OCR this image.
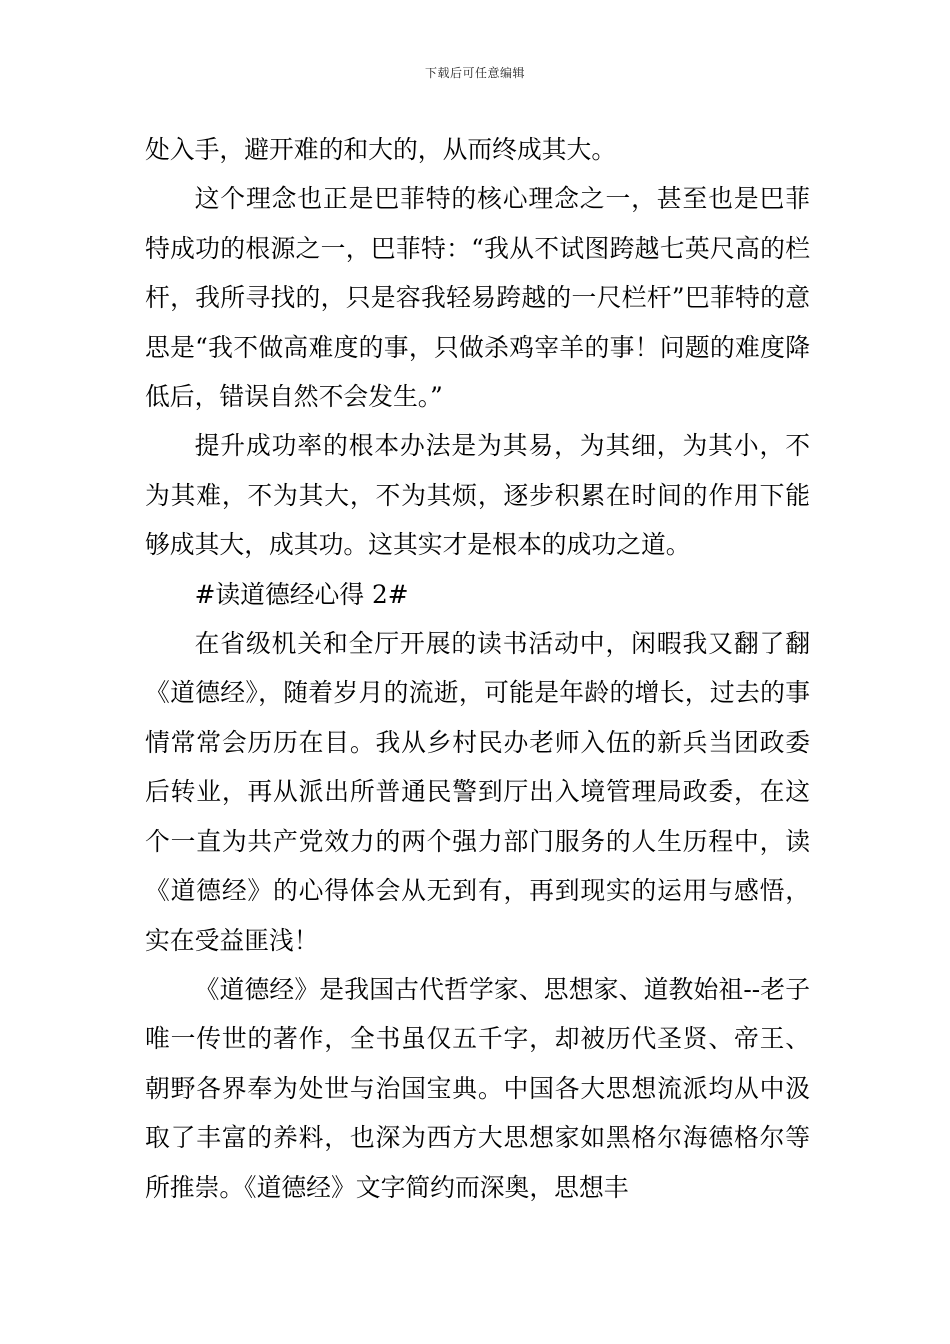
下载后可任意编辑

处入手，避开难的和大的，从而终成其大。

这个理念也正是巴菲特的核心理念之一，甚至也是巴菲特成功的根源之一，巴菲特：“我从不试图跨越七英尺高的栏杆，我所寻找的，只是容我轻易跨越的一尺栏杆”巴菲特的意思是“我不做高难度的事，只做杀鸡宰羊的事！问题的难度降低后，错误自然不会发生。”

提升成功率的根本办法是为其易，为其细，为其小，不为其难，不为其大，不为其烦，逐步积累在时间的作用下能够成其大，成其功。这其实才是根本的成功之道。

#读道德经心得 2#

在省级机关和全厅开展的读书活动中，闲暇我又翻了翻《道德经》，随着岁月的流逝，可能是年龄的增长，过去的事情常常会历历在目。我从乡村民办老师入伍的新兵当团政委后转业，再从派出所普通民警到厅出入境管理局政委，在这个一直为共产党效力的两个强力部门服务的人生历程中，读《道德经》的心得体会从无到有，再到现实的运用与感悟，实在受益匪浅！

《道德经》是我国古代哲学家、思想家、道教始祖--老子唯一传世的著作，全书虽仅五千字，却被历代圣贤、帝王、朝野各界奉为处世与治国宝典。中国各大思想流派均从中汲取了丰富的养料，也深为西方大思想家如黑格尔海德格尔等所推崇。《道德经》文字简约而深奥，思想丰
